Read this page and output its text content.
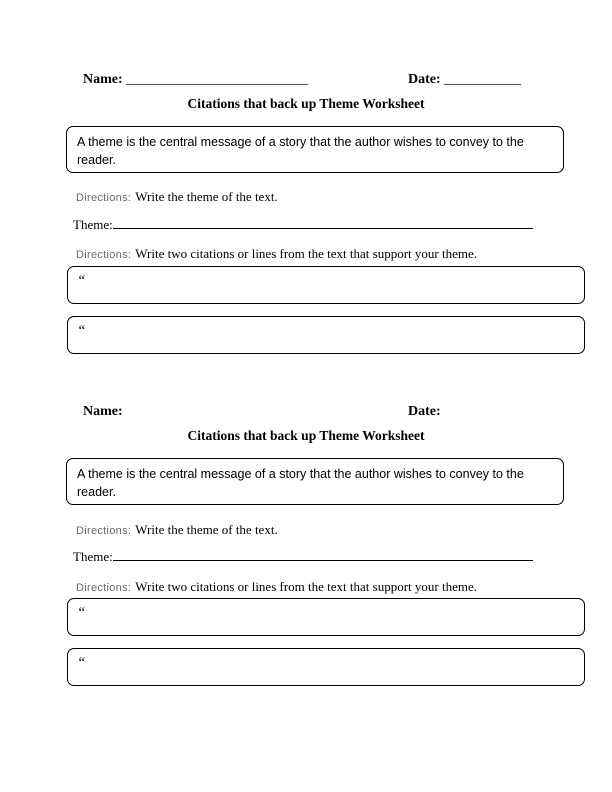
Name: __________________________	Date: ___________
Citations that back up Theme Worksheet
A theme is the central message of a story that the author wishes to convey to the reader.
Directions: Write the theme of the text.
Theme:
Directions: Write two citations or lines from the text that support your theme.
“
“
Name:	Date:
Citations that back up Theme Worksheet
A theme is the central message of a story that the author wishes to convey to the reader.
Directions: Write the theme of the text.
Theme:
Directions: Write two citations or lines from the text that support your theme.
“
“
